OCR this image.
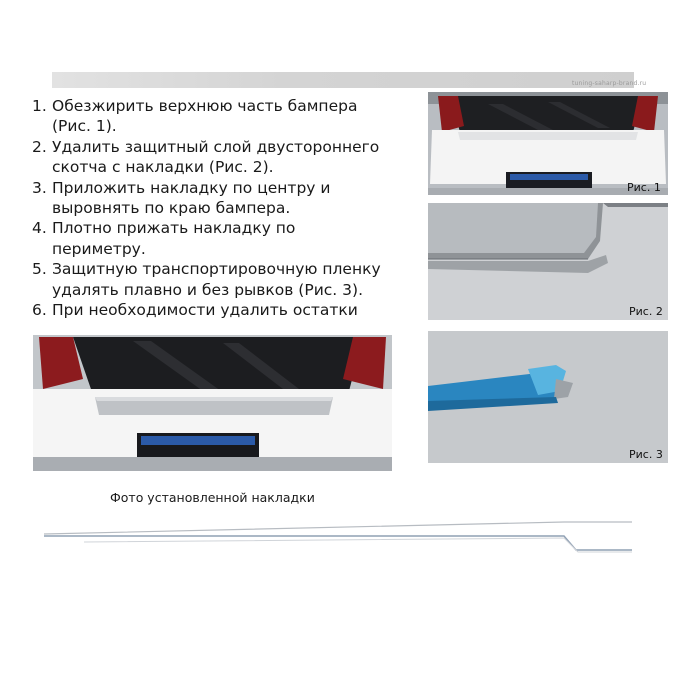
tuning-saharp-brand.ru
1. Обезжирить верхнюю часть бампера
(Рис. 1).
2. Удалить защитный слой двустороннего
скотча с накладки (Рис. 2).
3. Приложить накладку по центру и
выровнять по краю бампера.
4. Плотно прижать накладку по
периметру.
5. Защитную транспортировочную пленку
удалять плавно и без рывков (Рис. 3).
6. При необходимости удалить остатки
Рис. 1
Рис. 2
Рис. 3
Фото установленной накладки
